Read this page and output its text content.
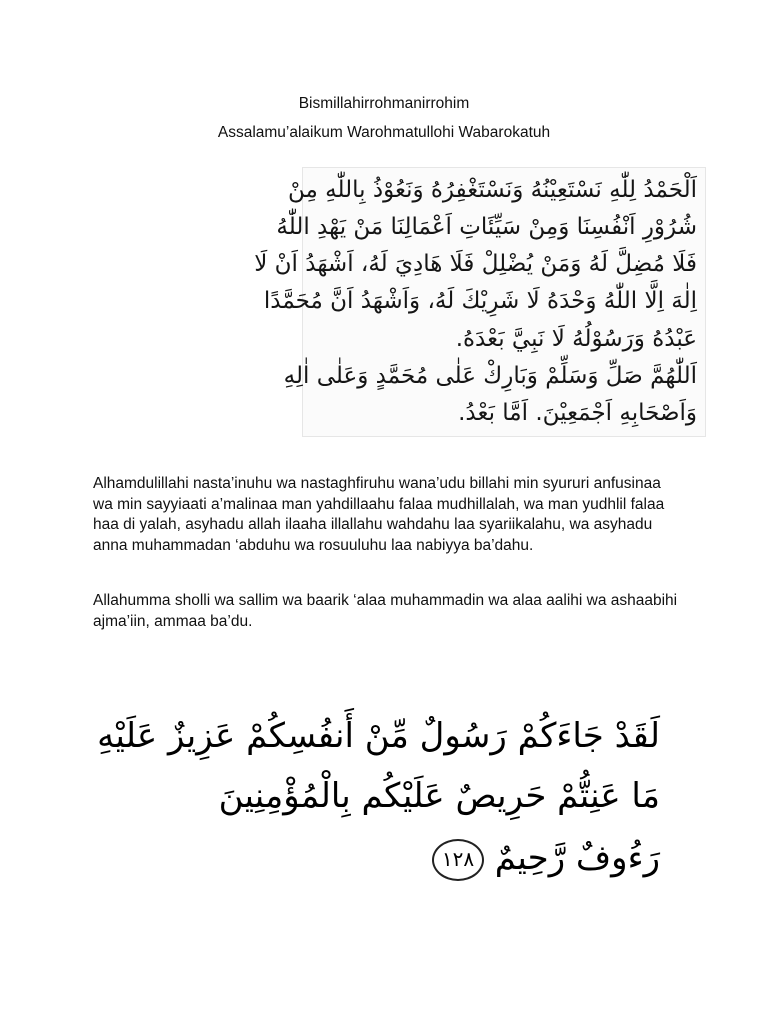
Bismillahirrohmanirrohim
Assalamu’alaikum Warohmatullohi Wabarokatuh
اَلْحَمْدُ لِلّٰهِ نَسْتَعِيْنُهُ وَنَسْتَغْفِرُهُ وَنَعُوْذُ بِاللّٰهِ مِنْ
شُرُوْرِ اَنْفُسِنَا وَمِنْ سَيِّئَاتِ اَعْمَالِنَا مَنْ يَهْدِ اللّٰهُ
فَلَا مُضِلَّ لَهُ وَمَنْ يُضْلِلْ فَلَا هَادِيَ لَهُ، اَشْهَدُ اَنْ لَا
اِلٰهَ اِلَّا اللّٰهُ وَحْدَهُ لَا شَرِيْكَ لَهُ، وَاَشْهَدُ اَنَّ مُحَمَّدًا
عَبْدُهُ وَرَسُوْلُهُ لَا نَبِيَّ بَعْدَهُ.
اَللّٰهُمَّ صَلِّ وَسَلِّمْ وَبَارِكْ عَلٰى مُحَمَّدٍ وَعَلٰى اٰلِهِ
وَاَصْحَابِهِ اَجْمَعِيْنَ. اَمَّا بَعْدُ.

Alhamdulillahi nasta’inuhu wa nastaghfiruhu wana’udu billahi min syururi anfusinaa wa min sayyiaati a’malinaa man yahdillaahu falaa mudhillalah, wa man yudhlil falaa haa di yalah, asyhadu allah ilaaha illallahu wahdahu laa syariikalahu, wa asyhadu anna muhammadan ‘abduhu wa rosuuluhu laa nabiyya ba’dahu.

Allahumma sholli wa sallim wa baarik ‘alaa muhammadin wa alaa aalihi wa ashaabihi ajma’iin, ammaa ba’du.

لَقَدْ جَاءَكُمْ رَسُولٌ مِّنْ أَنفُسِكُمْ عَزِيزٌ عَلَيْهِ
مَا عَنِتُّمْ حَرِيصٌ عَلَيْكُم بِالْمُؤْمِنِينَ
رَءُوفٌ رَّحِيمٌ ١٢٨
